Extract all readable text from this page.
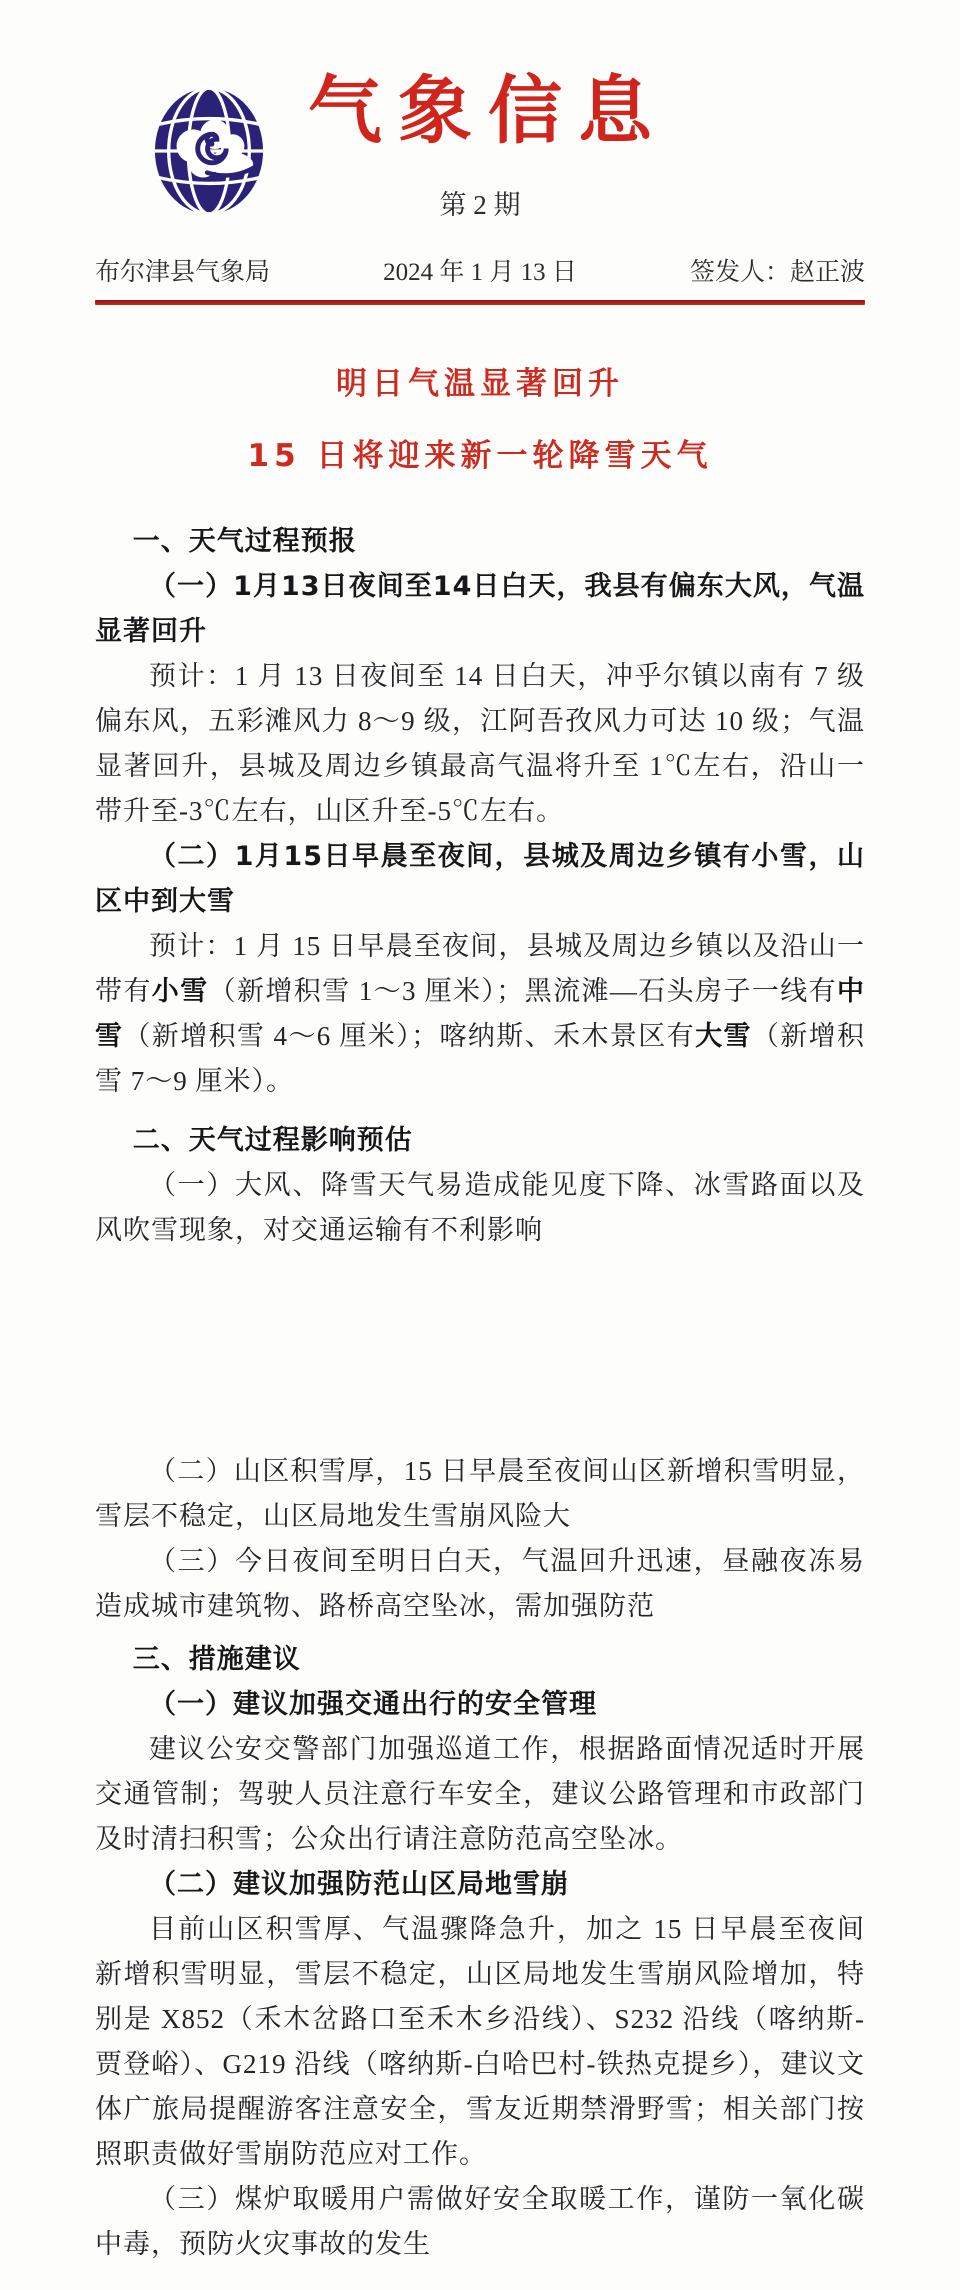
气象信息
第 2 期
布尔津县气象局	2024 年 1 月 13 日	签发人：赵正波
明日气温显著回升
15 日将迎来新一轮降雪天气
一、天气过程预报

（一）1月13日夜间至14日白天，我县有偏东大风，气温显著回升

预计：1 月 13 日夜间至 14 日白天，冲乎尔镇以南有 7 级偏东风，五彩滩风力 8～9 级，江阿吾孜风力可达 10 级；气温显著回升，县城及周边乡镇最高气温将升至 1℃左右，沿山一带升至-3℃左右，山区升至-5℃左右。

（二）1月15日早晨至夜间，县城及周边乡镇有小雪，山区中到大雪

预计：1 月 15 日早晨至夜间，县城及周边乡镇以及沿山一带有小雪（新增积雪 1～3 厘米）；黑流滩—石头房子一线有中雪（新增积雪 4～6 厘米）；喀纳斯、禾木景区有大雪（新增积雪 7～9 厘米）。

二、天气过程影响预估

（一）大风、降雪天气易造成能见度下降、冰雪路面以及风吹雪现象，对交通运输有不利影响

（二）山区积雪厚，15 日早晨至夜间山区新增积雪明显，雪层不稳定，山区局地发生雪崩风险大

（三）今日夜间至明日白天，气温回升迅速，昼融夜冻易造成城市建筑物、路桥高空坠冰，需加强防范

三、措施建议

（一）建议加强交通出行的安全管理

建议公安交警部门加强巡道工作，根据路面情况适时开展交通管制；驾驶人员注意行车安全，建议公路管理和市政部门及时清扫积雪；公众出行请注意防范高空坠冰。

（二）建议加强防范山区局地雪崩

目前山区积雪厚、气温骤降急升，加之 15 日早晨至夜间新增积雪明显，雪层不稳定，山区局地发生雪崩风险增加，特别是 X852（禾木岔路口至禾木乡沿线）、S232 沿线（喀纳斯-贾登峪）、G219 沿线（喀纳斯-白哈巴村-铁热克提乡），建议文体广旅局提醒游客注意安全，雪友近期禁滑野雪；相关部门按照职责做好雪崩防范应对工作。

（三）煤炉取暖用户需做好安全取暖工作，谨防一氧化碳中毒，预防火灾事故的发生
